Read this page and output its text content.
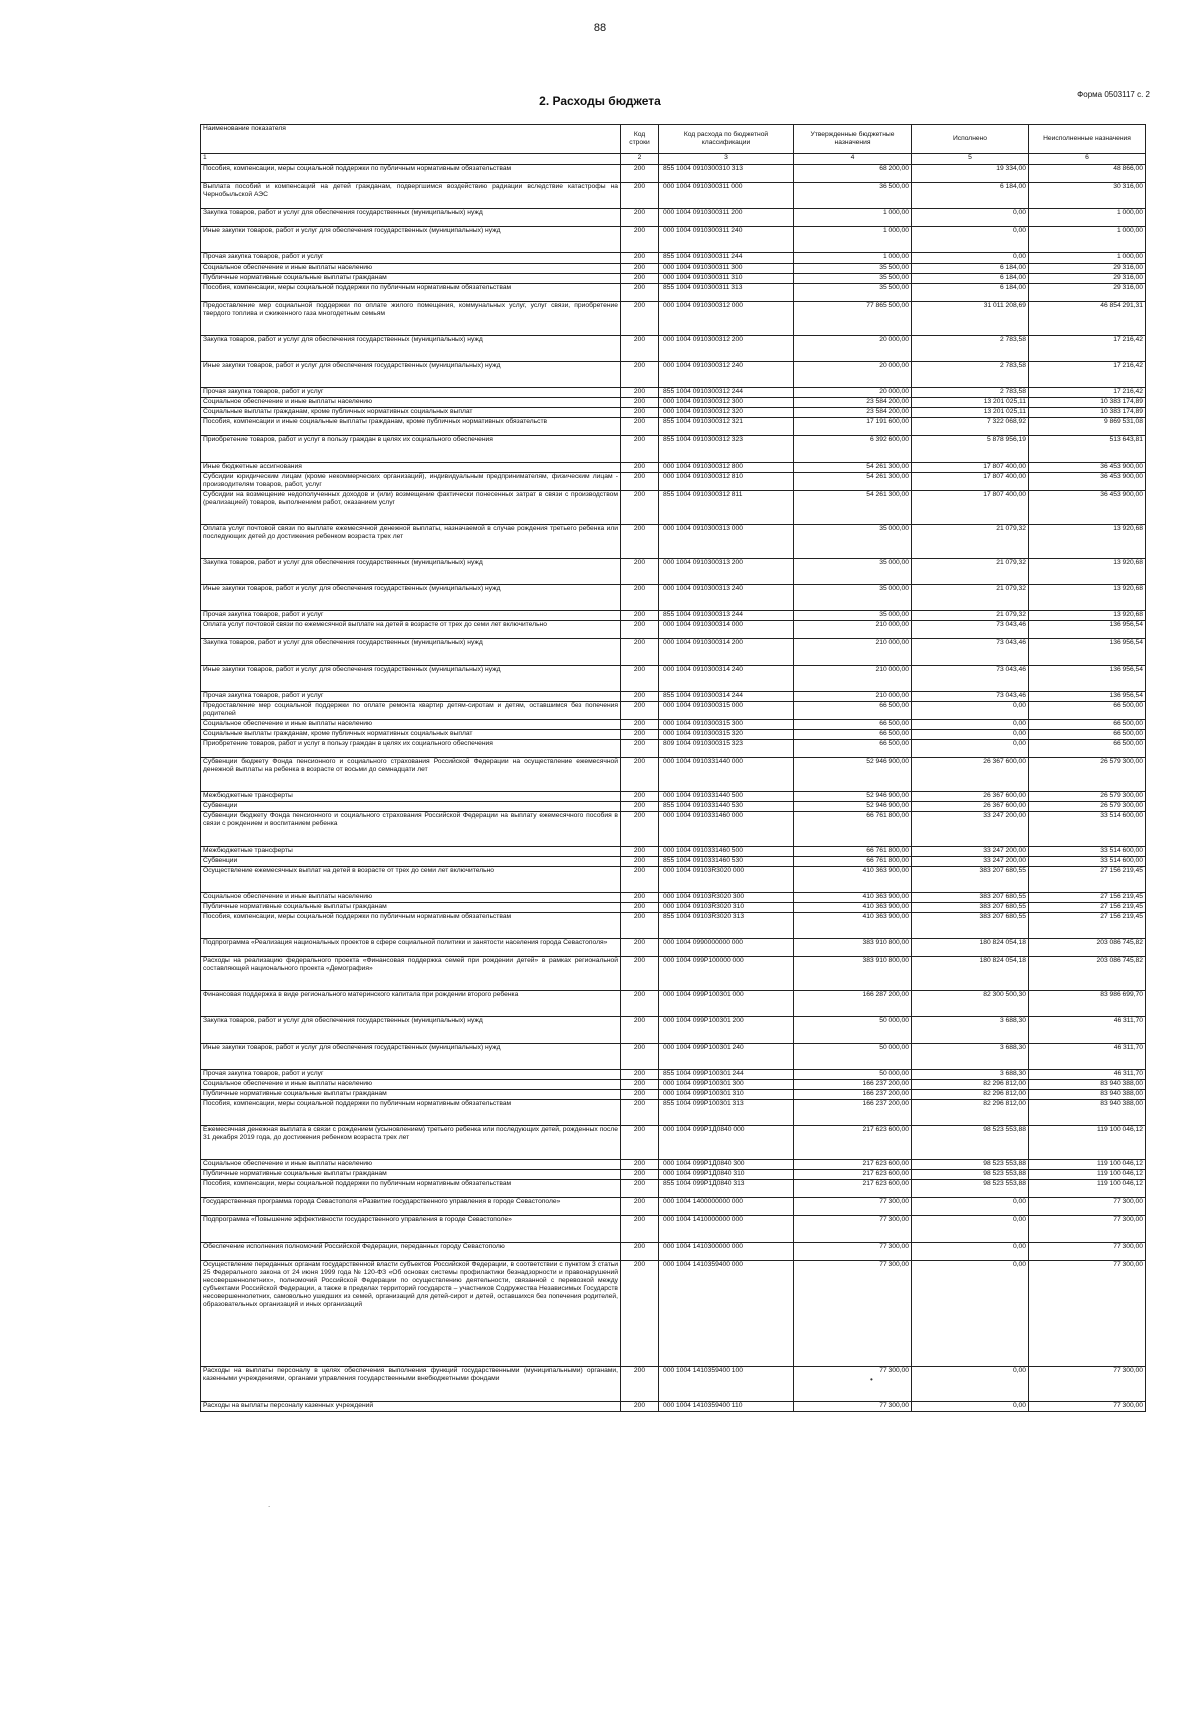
88
Форма 0503117 с. 2
2. Расходы бюджета
Наименование показателя	Код строки	Код расхода по бюджетной классификации	Утвержденные бюджетные назначения	Исполнено	Неисполненные назначения
1	2	3	4	5	6
Пособия, компенсации, меры социальной поддержки по публичным нормативным обязательствам	200	855 1004 0910300310 313	68 200,00	19 334,00	48 866,00
Выплата пособий и компенсаций на детей гражданам, подвергшимся воздействию радиации вследствие катастрофы на Чернобыльской АЭС	200	000 1004 0910300311 000	36 500,00	6 184,00	30 316,00
Закупка товаров, работ и услуг для обеспечения государственных (муниципальных) нужд	200	000 1004 0910300311 200	1 000,00	0,00	1 000,00
Иные закупки товаров, работ и услуг для обеспечения государственных (муниципальных) нужд	200	000 1004 0910300311 240	1 000,00	0,00	1 000,00
Прочая закупка товаров, работ и услуг	200	855 1004 0910300311 244	1 000,00	0,00	1 000,00
Социальное обеспечение и иные выплаты населению	200	000 1004 0910300311 300	35 500,00	6 184,00	29 316,00
Публичные нормативные социальные выплаты гражданам	200	000 1004 0910300311 310	35 500,00	6 184,00	29 316,00
Пособия, компенсации, меры социальной поддержки по публичным нормативным обязательствам	200	855 1004 0910300311 313	35 500,00	6 184,00	29 316,00
Предоставление мер социальной поддержки по оплате жилого помещения, коммунальных услуг, услуг связи, приобретение твердого топлива и сжиженного газа многодетным семьям	200	000 1004 0910300312 000	77 865 500,00	31 011 208,69	46 854 291,31
Закупка товаров, работ и услуг для обеспечения государственных (муниципальных) нужд	200	000 1004 0910300312 200	20 000,00	2 783,58	17 216,42
Иные закупки товаров, работ и услуг для обеспечения государственных (муниципальных) нужд	200	000 1004 0910300312 240	20 000,00	2 783,58	17 216,42
Прочая закупка товаров, работ и услуг	200	855 1004 0910300312 244	20 000,00	2 783,58	17 216,42
Социальное обеспечение и иные выплаты населению	200	000 1004 0910300312 300	23 584 200,00	13 201 025,11	10 383 174,89
Социальные выплаты гражданам, кроме публичных нормативных социальных выплат	200	000 1004 0910300312 320	23 584 200,00	13 201 025,11	10 383 174,89
Пособия, компенсации и иные социальные выплаты гражданам, кроме публичных нормативных обязательств	200	855 1004 0910300312 321	17 191 600,00	7 322 068,92	9 869 531,08
Приобретение товаров, работ и услуг в пользу граждан в целях их социального обеспечения	200	855 1004 0910300312 323	6 392 600,00	5 878 956,19	513 643,81
Иные бюджетные ассигнования	200	000 1004 0910300312 800	54 261 300,00	17 807 400,00	36 453 900,00
Субсидии юридическим лицам (кроме некоммерческих организаций), индивидуальным предпринимателям, физическим лицам - производителям товаров, работ, услуг	200	000 1004 0910300312 810	54 261 300,00	17 807 400,00	36 453 900,00
Субсидии на возмещение недополученных доходов и (или) возмещение фактически понесенных затрат в связи с производством (реализацией) товаров, выполнением работ, оказанием услуг	200	855 1004 0910300312 811	54 261 300,00	17 807 400,00	36 453 900,00
Оплата услуг почтовой связи по выплате ежемесячной денежной выплаты, назначаемой в случае рождения третьего ребенка или последующих детей до достижения ребенком возраста трех лет	200	000 1004 0910300313 000	35 000,00	21 079,32	13 920,68
Закупка товаров, работ и услуг для обеспечения государственных (муниципальных) нужд	200	000 1004 0910300313 200	35 000,00	21 079,32	13 920,68
Иные закупки товаров, работ и услуг для обеспечения государственных (муниципальных) нужд	200	000 1004 0910300313 240	35 000,00	21 079,32	13 920,68
Прочая закупка товаров, работ и услуг	200	855 1004 0910300313 244	35 000,00	21 079,32	13 920,68
Оплата услуг почтовой связи по ежемесячной выплате на детей в возрасте от трех до семи лет включительно	200	000 1004 0910300314 000	210 000,00	73 043,46	136 956,54
Закупка товаров, работ и услуг для обеспечения государственных (муниципальных) нужд	200	000 1004 0910300314 200	210 000,00	73 043,46	136 956,54
Иные закупки товаров, работ и услуг для обеспечения государственных (муниципальных) нужд	200	000 1004 0910300314 240	210 000,00	73 043,46	136 956,54
Прочая закупка товаров, работ и услуг	200	855 1004 0910300314 244	210 000,00	73 043,46	136 956,54
Предоставление мер социальной поддержки по оплате ремонта квартир детям-сиротам и детям, оставшимся без попечения родителей	200	000 1004 0910300315 000	66 500,00	0,00	66 500,00
Социальное обеспечение и иные выплаты населению	200	000 1004 0910300315 300	66 500,00	0,00	66 500,00
Социальные выплаты гражданам, кроме публичных нормативных социальных выплат	200	000 1004 0910300315 320	66 500,00	0,00	66 500,00
Приобретение товаров, работ и услуг в пользу граждан в целях их социального обеспечения	200	809 1004 0910300315 323	66 500,00	0,00	66 500,00
Субвенции бюджету Фонда пенсионного и социального страхования Российской Федерации на осуществление ежемесячной денежной выплаты на ребенка в возрасте от восьми до семнадцати лет	200	000 1004 0910331440 000	52 946 900,00	26 367 600,00	26 579 300,00
Межбюджетные трансферты	200	000 1004 0910331440 500	52 946 900,00	26 367 600,00	26 579 300,00
Субвенции	200	855 1004 0910331440 530	52 946 900,00	26 367 600,00	26 579 300,00
Субвенции бюджету Фонда пенсионного и социального страхования Российской Федерации на выплату ежемесячного пособия в связи с рождением и воспитанием ребенка	200	000 1004 0910331460 000	66 761 800,00	33 247 200,00	33 514 600,00
Межбюджетные трансферты	200	000 1004 0910331460 500	66 761 800,00	33 247 200,00	33 514 600,00
Субвенции	200	855 1004 0910331460 530	66 761 800,00	33 247 200,00	33 514 600,00
Осуществление ежемесячных выплат на детей в возрасте от трех до семи лет включительно	200	000 1004 09103R3020 000	410 363 900,00	383 207 680,55	27 156 219,45
Социальное обеспечение и иные выплаты населению	200	000 1004 09103R3020 300	410 363 900,00	383 207 680,55	27 156 219,45
Публичные нормативные социальные выплаты гражданам	200	000 1004 09103R3020 310	410 363 900,00	383 207 680,55	27 156 219,45
Пособия, компенсации, меры социальной поддержки по публичным нормативным обязательствам	200	855 1004 09103R3020 313	410 363 900,00	383 207 680,55	27 156 219,45
Подпрограмма «Реализация национальных проектов в сфере социальной политики и занятости населения города Севастополя»	200	000 1004 0990000000 000	383 910 800,00	180 824 054,18	203 086 745,82
Расходы на реализацию федерального проекта «Финансовая поддержка семей при рождении детей» в рамках региональной составляющей национального проекта «Демография»	200	000 1004 099P100000 000	383 910 800,00	180 824 054,18	203 086 745,82
Финансовая поддержка в виде регионального материнского капитала при рождении второго ребенка	200	000 1004 099P100301 000	166 287 200,00	82 300 500,30	83 986 699,70
Закупка товаров, работ и услуг для обеспечения государственных (муниципальных) нужд	200	000 1004 099P100301 200	50 000,00	3 688,30	46 311,70
Иные закупки товаров, работ и услуг для обеспечения государственных (муниципальных) нужд	200	000 1004 099P100301 240	50 000,00	3 688,30	46 311,70
Прочая закупка товаров, работ и услуг	200	855 1004 099P100301 244	50 000,00	3 688,30	46 311,70
Социальное обеспечение и иные выплаты населению	200	000 1004 099P100301 300	166 237 200,00	82 296 812,00	83 940 388,00
Публичные нормативные социальные выплаты гражданам	200	000 1004 099P100301 310	166 237 200,00	82 296 812,00	83 940 388,00
Пособия, компенсации, меры социальной поддержки по публичным нормативным обязательствам	200	855 1004 099P100301 313	166 237 200,00	82 296 812,00	83 940 388,00
Ежемесячная денежная выплата в связи с рождением (усыновлением) третьего ребенка или последующих детей, рожденных после 31 декабря 2019 года, до достижения ребенком возраста трех лет	200	000 1004 099P1Д0840 000	217 623 600,00	98 523 553,88	119 100 046,12
Социальное обеспечение и иные выплаты населению	200	000 1004 099P1Д0840 300	217 623 600,00	98 523 553,88	119 100 046,12
Публичные нормативные социальные выплаты гражданам	200	000 1004 099P1Д0840 310	217 623 600,00	98 523 553,88	119 100 046,12
Пособия, компенсации, меры социальной поддержки по публичным нормативным обязательствам	200	855 1004 099P1Д0840 313	217 623 600,00	98 523 553,88	119 100 046,12
Государственная программа города Севастополя «Развитие государственного управления в городе Севастополе»	200	000 1004 1400000000 000	77 300,00	0,00	77 300,00
Подпрограмма «Повышение эффективности государственного управления в городе Севастополе»	200	000 1004 1410000000 000	77 300,00	0,00	77 300,00
Обеспечение исполнения полномочий Российской Федерации, переданных городу Севастополю	200	000 1004 1410300000 000	77 300,00	0,00	77 300,00
Осуществление переданных органам государственной власти субъектов Российской Федерации, в соответствии с пунктом 3 статьи 25 Федерального закона от 24 июня 1999 года № 120-ФЗ «Об основах системы профилактики безнадзорности и правонарушений несовершеннолетних», полномочий Российской Федерации по осуществлению деятельности, связанной с перевозкой между субъектами Российской Федерации, а также в пределах территорий государств – участников Содружества Независимых Государств несовершеннолетних, самовольно ушедших из семей, организаций для детей-сирот и детей, оставшихся без попечения родителей, образовательных организаций и иных организаций	200	000 1004 1410359400 000	77 300,00	0,00	77 300,00
Расходы на выплаты персоналу в целях обеспечения выполнения функций государственными (муниципальными) органами, казенными учреждениями, органами управления государственными внебюджетными фондами	200	000 1004 1410359400 100	77 300,00	0,00	77 300,00
Расходы на выплаты персоналу казенных учреждений	200	000 1004 1410359400 110	77 300,00	0,00	77 300,00
.
•
